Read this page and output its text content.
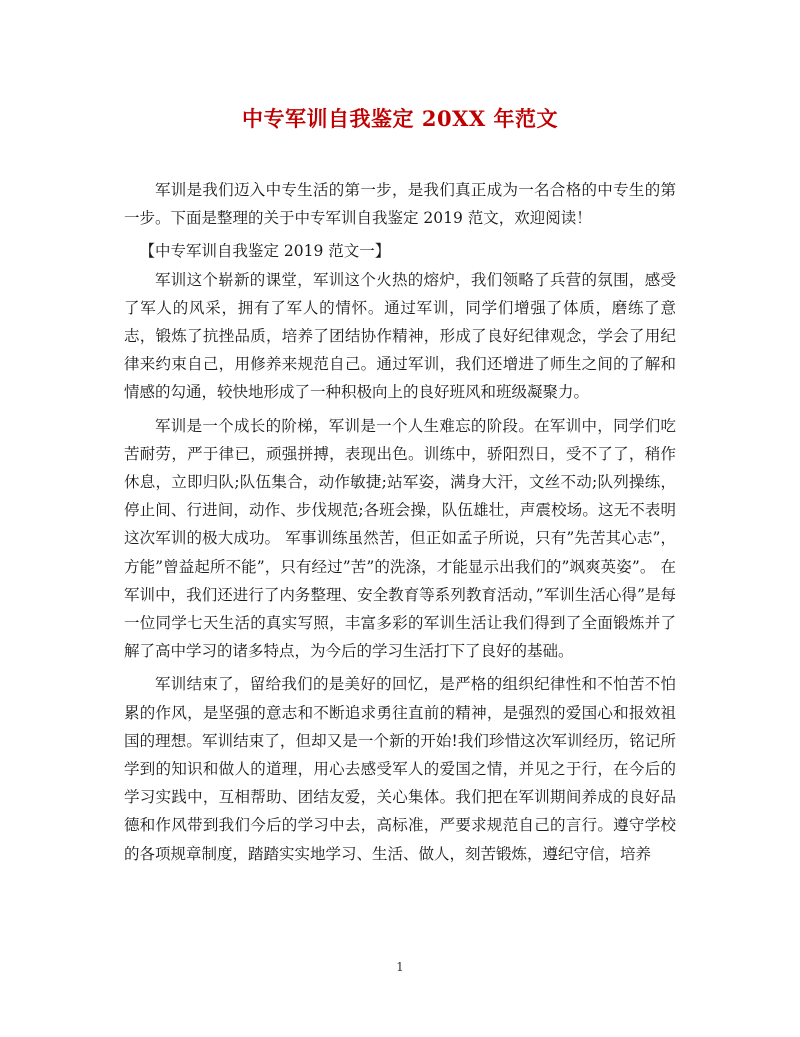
中专军训自我鉴定 20XX 年范文

军训是我们迈入中专生活的第一步，是我们真正成为一名合格的中专生的第一步。下面是整理的关于中专军训自我鉴定 2019 范文，欢迎阅读！

【中专军训自我鉴定 2019 范文一】

军训这个崭新的课堂，军训这个火热的熔炉，我们领略了兵营的氛围，感受了军人的风采，拥有了军人的情怀。通过军训，同学们增强了体质，磨练了意志，锻炼了抗挫品质，培养了团结协作精神，形成了良好纪律观念，学会了用纪律来约束自己，用修养来规范自己。通过军训，我们还增进了师生之间的了解和情感的勾通，较快地形成了一种积极向上的良好班风和班级凝聚力。

军训是一个成长的阶梯，军训是一个人生难忘的阶段。在军训中，同学们吃苦耐劳，严于律已，顽强拼搏，表现出色。训练中，骄阳烈日，受不了了，稍作休息，立即归队;队伍集合，动作敏捷;站军姿，满身大汗，文丝不动;队列操练，停止间、行进间，动作、步伐规范;各班会操，队伍雄壮，声震校场。这无不表明这次军训的极大成功。 军事训练虽然苦，但正如孟子所说，只有”先苦其心志”，方能”曾益起所不能”，只有经过”苦”的洗涤，才能显示出我们的”飒爽英姿”。 在军训中，我们还进行了内务整理、安全教育等系列教育活动，”军训生活心得”是每一位同学七天生活的真实写照，丰富多彩的军训生活让我们得到了全面锻炼并了解了高中学习的诸多特点，为今后的学习生活打下了良好的基础。

军训结束了，留给我们的是美好的回忆，是严格的组织纪律性和不怕苦不怕累的作风，是坚强的意志和不断追求勇往直前的精神，是强烈的爱国心和报效祖国的理想。军训结束了，但却又是一个新的开始!我们珍惜这次军训经历，铭记所学到的知识和做人的道理，用心去感受军人的爱国之情，并见之于行，在今后的学习实践中，互相帮助、团结友爱，关心集体。我们把在军训期间养成的良好品德和作风带到我们今后的学习中去，高标准，严要求规范自己的言行。遵守学校的各项规章制度，踏踏实实地学习、生活、做人，刻苦锻炼，遵纪守信，培养

1
